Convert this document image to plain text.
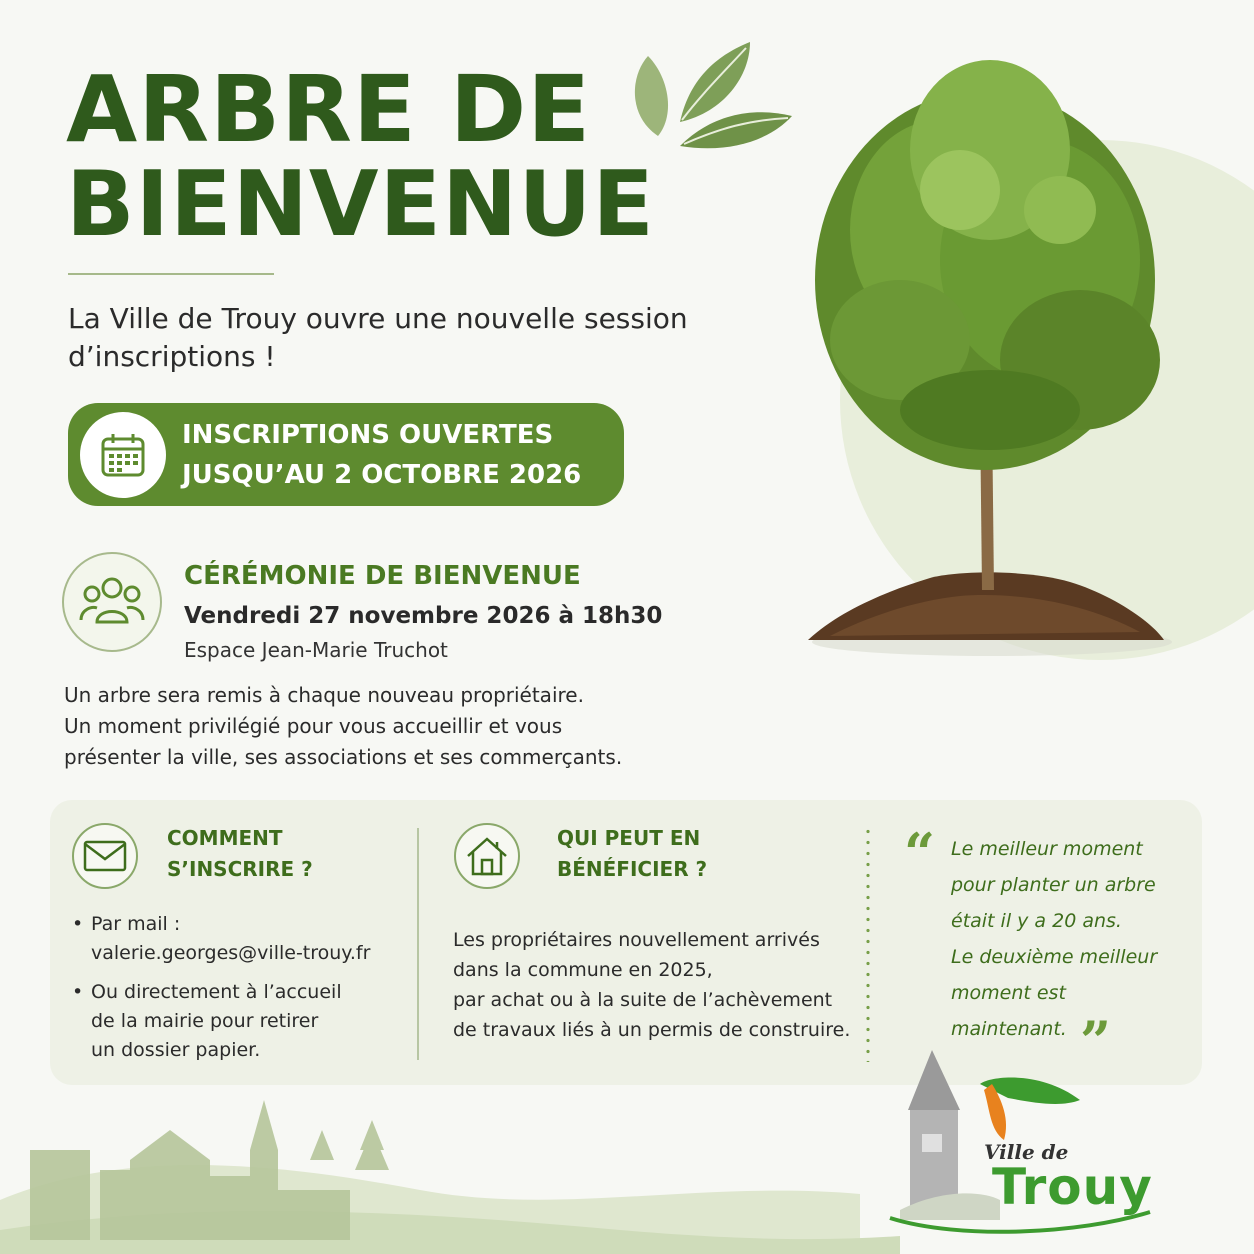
ARBRE DE
BIENVENUE
La Ville de Trouy ouvre une nouvelle session d’inscriptions !
INSCRIPTIONS OUVERTES
JUSQU’AU 2 OCTOBRE 2026
CÉRÉMONIE DE BIENVENUE
Vendredi 27 novembre 2026 à 18h30
Espace Jean-Marie Truchot
Un arbre sera remis à chaque nouveau propriétaire.
Un moment privilégié pour vous accueillir et vous
présenter la ville, ses associations et ses commerçants.
COMMENT
S’INSCRIRE ?
• Par mail :
valerie.georges@ville-trouy.fr
• Ou directement à l’accueil
de la mairie pour retirer
un dossier papier.
QUI PEUT EN
BÉNÉFICIER ?
Les propriétaires nouvellement arrivés
dans la commune en 2025,
par achat ou à la suite de l’achèvement
de travaux liés à un permis de construire.
“ Le meilleur moment
pour planter un arbre
était il y a 20 ans.
Le deuxième meilleur
moment est
maintenant. ”
Ville de
Trouy
